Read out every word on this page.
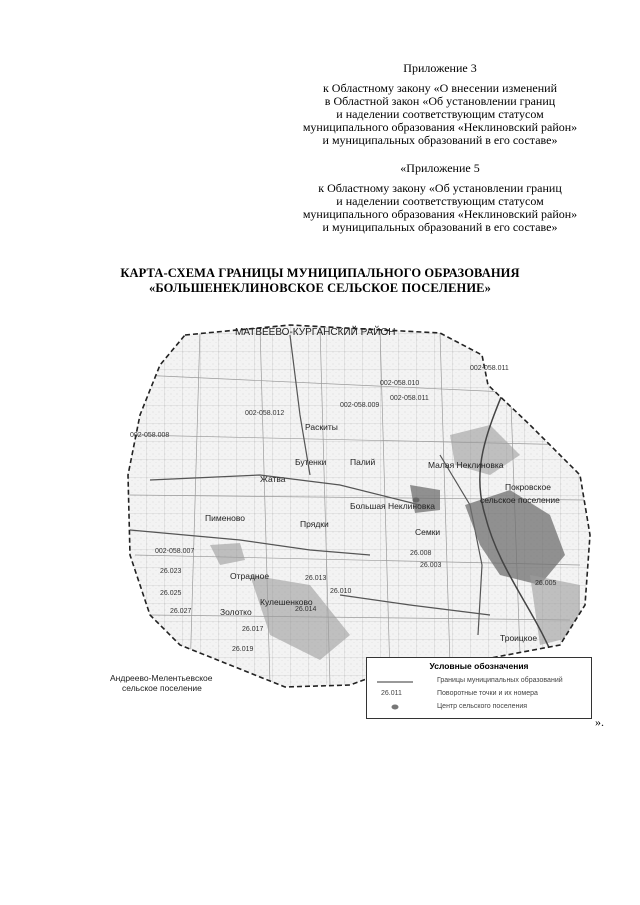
Приложение 3
к Областному закону «О внесении изменений
в Областной закон «Об установлении границ
и наделении соответствующим статусом
муниципального образования «Неклиновский район»
и муниципальных образований в его составе»
«Приложение 5
к Областному закону «Об установлении границ
и наделении соответствующим статусом
муниципального образования «Неклиновский район»
и муниципальных образований в его составе»
КАРТА-СХЕМА ГРАНИЦЫ МУНИЦИПАЛЬНОГО ОБРАЗОВАНИЯ
«БОЛЬШЕНЕКЛИНОВСКОЕ СЕЛЬСКОЕ ПОСЕЛЕНИЕ»
МАТВЕЕВО-КУРГАНСКИЙ РАЙОН
Раскиты
Бутенки	Палий
Жатва
Малая Неклиновка
Большая Неклиновка
Пименово
Прядки
Семки
Отрадное
Кулешенково
Золотко
Троицкое
Покровское
сельское поселение
Андреево-Мелентьевское
сельское поселение
002-058.011
002-058.010
002-058.012
002-058.009
002-058.008
002-058.007
26.013
26.014
26.017
26.019
26.023
26.027
26.025	26.010
26.005
26.008
26.003
002-058.011
Условные обозначения
Границы муниципальных образований
26.011	Поворотные точки и их номера
Центр сельского поселения
».
